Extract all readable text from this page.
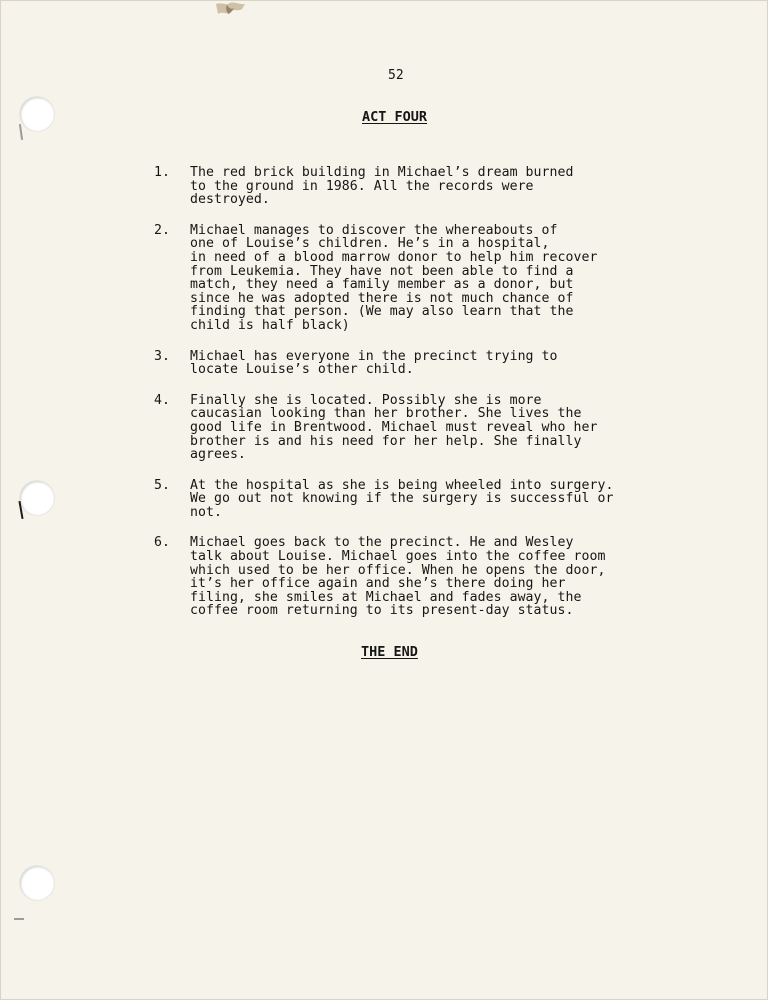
52
ACT FOUR
1.	The red brick building in Michael’s dream burned
to the ground in 1986. All the records were
destroyed.
2.	Michael manages to discover the whereabouts of
one of Louise’s children. He’s in a hospital,
in need of a blood marrow donor to help him recover
from Leukemia. They have not been able to find a
match, they need a family member as a donor, but
since he was adopted there is not much chance of
finding that person. (We may also learn that the
child is half black)
3.	Michael has everyone in the precinct trying to
locate Louise’s other child.
4.	Finally she is located. Possibly she is more
caucasian looking than her brother. She lives the
good life in Brentwood. Michael must reveal who her
brother is and his need for her help. She finally
agrees.
5.	At the hospital as she is being wheeled into surgery.
We go out not knowing if the surgery is successful or
not.
6.	Michael goes back to the precinct. He and Wesley
talk about Louise. Michael goes into the coffee room
which used to be her office. When he opens the door,
it’s her office again and she’s there doing her
filing, she smiles at Michael and fades away, the
coffee room returning to its present-day status.
THE END
